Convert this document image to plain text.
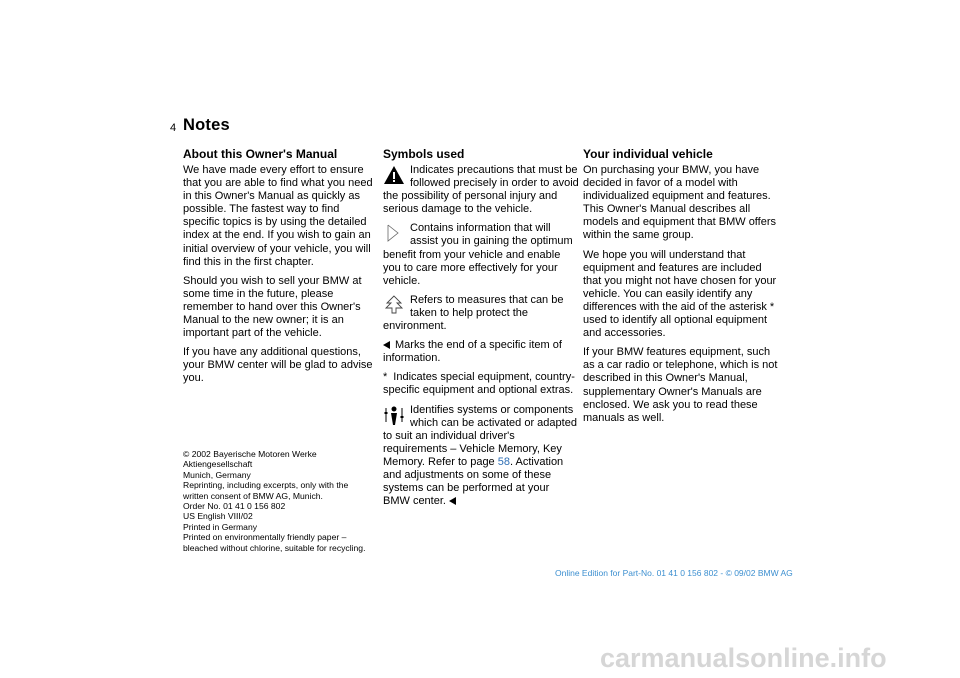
4 Notes
About this Owner's Manual

We have made every effort to ensure that you are able to find what you need in this Owner's Manual as quickly as possible. The fastest way to find specific topics is by using the detailed index at the end. If you wish to gain an initial overview of your vehicle, you will find this in the first chapter.

Should you wish to sell your BMW at some time in the future, please remember to hand over this Owner's Manual to the new owner; it is an important part of the vehicle.

If you have any additional questions, your BMW center will be glad to advise you.

© 2002 Bayerische Motoren Werke
Aktiengesellschaft
Munich, Germany
Reprinting, including excerpts, only with the
written consent of BMW AG, Munich.
Order No. 01 41 0 156 802
US English VIII/02
Printed in Germany
Printed on environmentally friendly paper –
bleached without chlorine, suitable for recycling.
Symbols used
Indicates precautions that must be followed precisely in order to avoid the possibility of personal injury and serious damage to the vehicle.
Contains information that will assist you in gaining the optimum benefit from your vehicle and enable you to care more effectively for your vehicle.
Refers to measures that can be taken to help protect the environment.

Marks the end of a specific item of information.

* Indicates special equipment, country-specific equipment and optional extras.

Identifies systems or components which can be activated or adapted to suit an individual driver's requirements – Vehicle Memory, Key Memory. Refer to page 58. Activation and adjustments on some of these systems can be performed at your BMW center.
Your individual vehicle

On purchasing your BMW, you have decided in favor of a model with individualized equipment and features. This Owner's Manual describes all models and equipment that BMW offers within the same group.

We hope you will understand that equipment and features are included that you might not have chosen for your vehicle. You can easily identify any differences with the aid of the asterisk * used to identify all optional equipment and accessories.

If your BMW features equipment, such as a car radio or telephone, which is not described in this Owner's Manual, supplementary Owner's Manuals are enclosed. We ask you to read these manuals as well.

Online Edition for Part-No. 01 41 0 156 802 - © 09/02 BMW AG
carmanualsonline.info
